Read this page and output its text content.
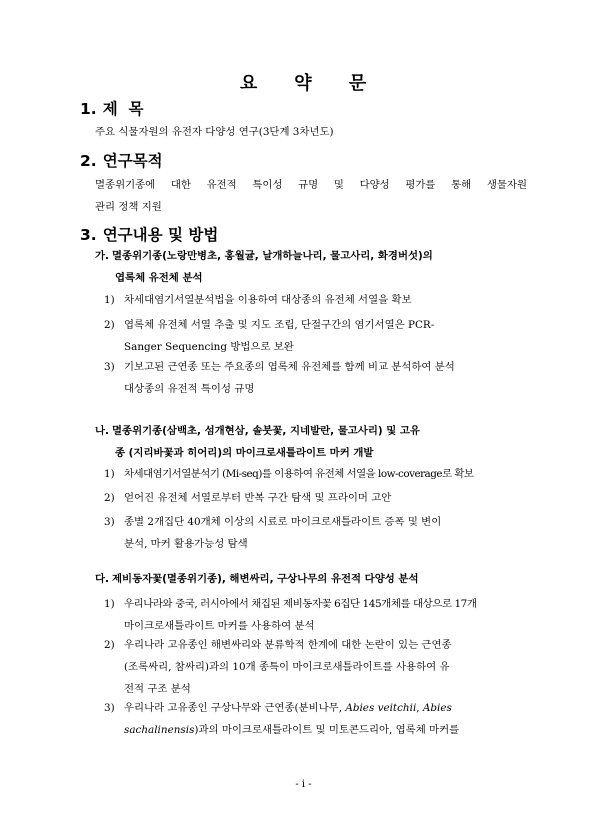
요 약 문
1. 제  목
주요 식물자원의 유전자 다양성 연구(3단계 3차년도)
2. 연구목적
멸종위기종에 대한 유전적 특이성 규명 및 다양성 평가를 통해 생물자원
관리 정책 지원
3. 연구내용 및 방법
가. 멸종위기종(노랑만병초, 홍월귤, 날개하늘나리, 물고사리, 화경버섯)의
엽록체 유전체 분석
1) 차세대염기서열분석법을 이용하여 대상종의 유전체 서열을 확보
2) 엽록체 유전체 서열 추출 및 지도 조립, 단절구간의 염기서열은 PCR-
Sanger Sequencing 방법으로 보완
3) 기보고된 근연종 또는 주요종의 엽록체 유전체를 함께 비교 분석하여 분석
대상종의 유전적 특이성 규명
나. 멸종위기종(삼백초, 섬개현삼, 솔붓꽃, 지네발란, 물고사리) 및 고유
종 (지리바꽃과 히어리)의 마이크로새틀라이트 마커 개발
1) 차세대염기서열분석기 (Mi-seq)를 이용하여 유전체 서열을 low-coverage로 확보
2) 얻어진 유전체 서열로부터 반복 구간 탐색 및 프라이머 고안
3) 종별 2개집단 40개체 이상의 시료로 마이크로새틀라이트 증폭 및 변이
분석, 마커 활용가능성 탐색
다. 제비동자꽃(멸종위기종), 해변싸리, 구상나무의 유전적 다양성 분석
1) 우리나라와 중국, 러시아에서 채집된 제비동자꽃 6집단 145개체를 대상으로 17개
마이크로새틀라이트 마커를 사용하여 분석
2) 우리나라 고유종인 해변싸리와 분류학적 한계에 대한 논란이 있는 근연종
(조록싸리, 참싸리)과의 10개 종특이 마이크로새틀라이트를 사용하여 유
전적 구조 분석
3) 우리나라 고유종인 구상나무와 근연종(분비나무, Abies veitchii, Abies
sachalinensis)과의 마이크로새틀라이트 및 미토콘드리아, 엽록체 마커를
- i -
